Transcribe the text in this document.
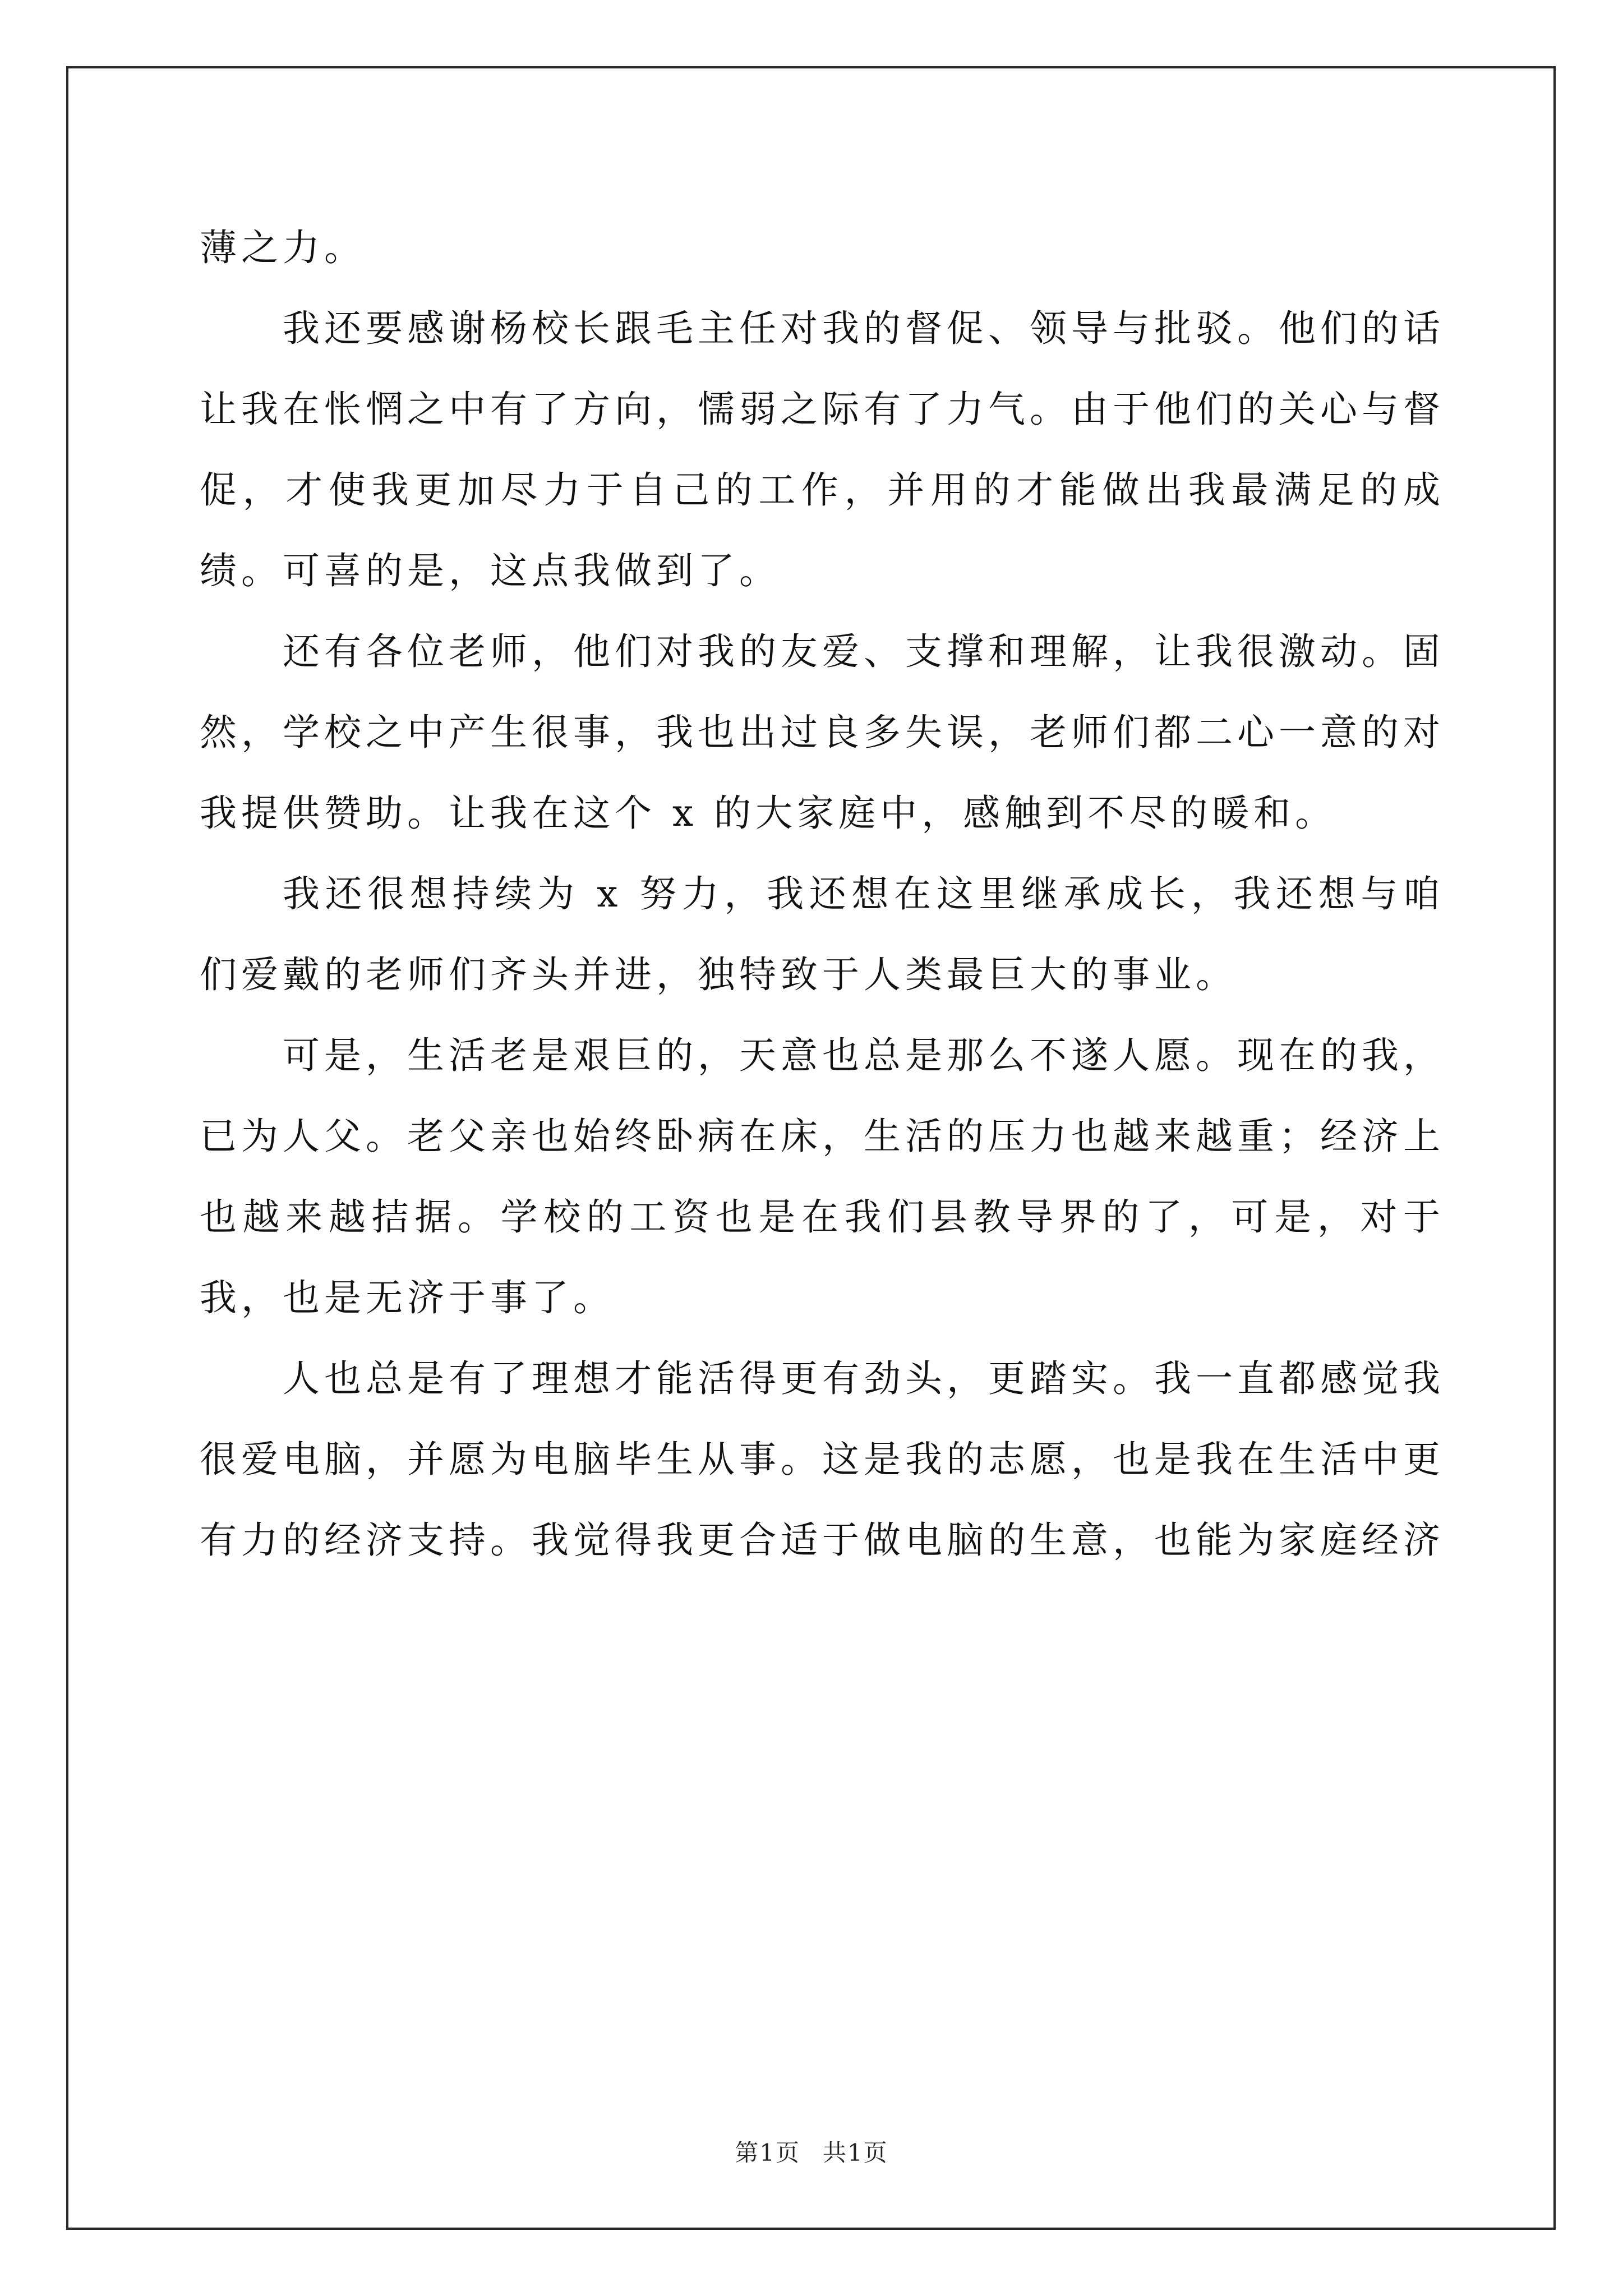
薄之力。

我还要感谢杨校长跟毛主任对我的督促、领导与批驳。他们的话让我在怅惘之中有了方向，懦弱之际有了力气。由于他们的关心与督促，才使我更加尽力于自己的工作，并用的才能做出我最满足的成绩。可喜的是，这点我做到了。

还有各位老师，他们对我的友爱、支撑和理解，让我很激动。固然，学校之中产生很事，我也出过良多失误，老师们都二心一意的对我提供赞助。让我在这个 x 的大家庭中，感触到不尽的暖和。

我还很想持续为 x 努力，我还想在这里继承成长，我还想与咱们爱戴的老师们齐头并进，独特致于人类最巨大的事业。

可是，生活老是艰巨的，天意也总是那么不遂人愿。现在的我，已为人父。老父亲也始终卧病在床，生活的压力也越来越重；经济上也越来越拮据。学校的工资也是在我们县教导界的了，可是，对于我，也是无济于事了。

人也总是有了理想才能活得更有劲头，更踏实。我一直都感觉我很爱电脑，并愿为电脑毕生从事。这是我的志愿，也是我在生活中更有力的经济支持。我觉得我更合适于做电脑的生意，也能为家庭经济

第1页 共1页
